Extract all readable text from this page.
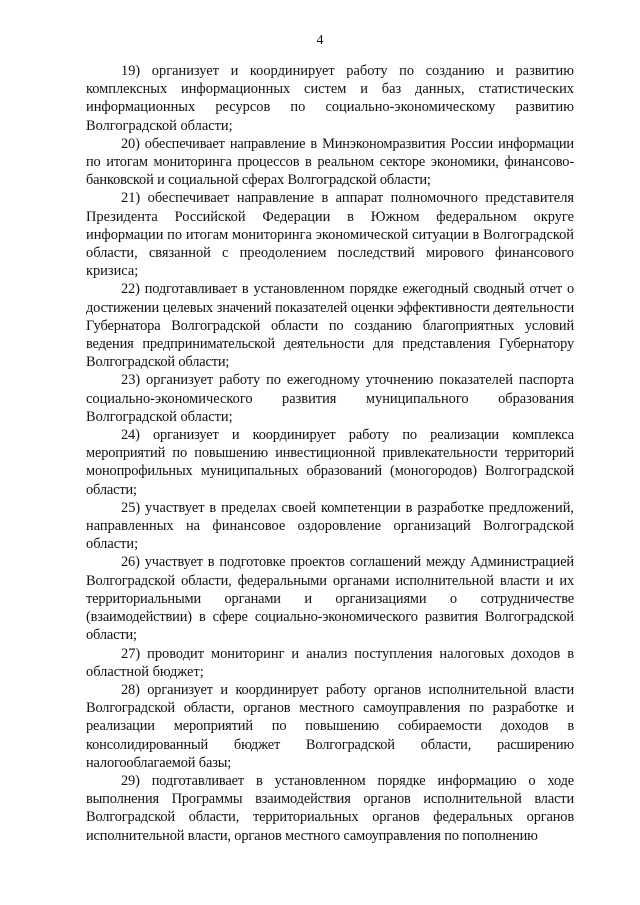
4

19) организует и координирует работу по созданию и развитию комплексных информационных систем и баз данных, статистических информационных ресурсов по социально-экономическому развитию Волгоградской области;

20) обеспечивает направление в Минэкономразвития России информации по итогам мониторинга процессов в реальном секторе экономики, финансово-банковской и социальной сферах Волгоградской области;

21) обеспечивает направление в аппарат полномочного представителя Президента Российской Федерации в Южном федеральном округе информации по итогам мониторинга экономической ситуации в Волгоградской области, связанной с преодолением последствий мирового финансового кризиса;

22) подготавливает в установленном порядке ежегодный сводный отчет о достижении целевых значений показателей оценки эффективности деятельности Губернатора Волгоградской области по созданию благоприятных условий ведения предпринимательской деятельности для представления Губернатору Волгоградской области;

23) организует работу по ежегодному уточнению показателей паспорта социально-экономического развития муниципального образования Волгоградской области;

24) организует и координирует работу по реализации комплекса мероприятий по повышению инвестиционной привлекательности территорий монопрофильных муниципальных образований (моногородов) Волгоградской области;

25) участвует в пределах своей компетенции в разработке предложений, направленных на финансовое оздоровление организаций Волгоградской области;

26) участвует в подготовке проектов соглашений между Администрацией Волгоградской области, федеральными органами исполнительной власти и их территориальными органами и организациями о сотрудничестве (взаимодействии) в сфере социально-экономического развития Волгоградской области;

27) проводит мониторинг и анализ поступления налоговых доходов в областной бюджет;

28) организует и координирует работу органов исполнительной власти Волгоградской области, органов местного самоуправления по разработке и реализации мероприятий по повышению собираемости доходов в консолидированный бюджет Волгоградской области, расширению налогооблагаемой базы;

29) подготавливает в установленном порядке информацию о ходе выполнения Программы взаимодействия органов исполнительной власти Волгоградской области, территориальных органов федеральных органов исполнительной власти, органов местного самоуправления по пополнению
